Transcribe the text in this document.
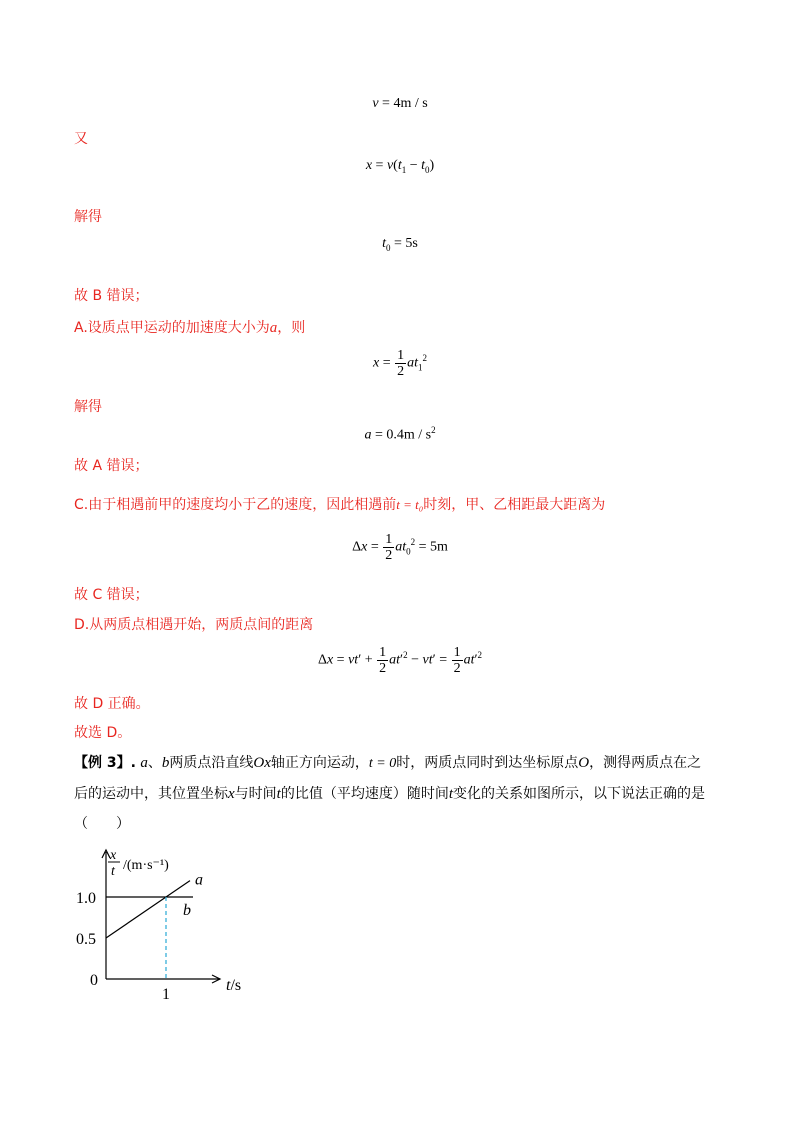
v = 4m / s
又
$x = v(t_1 - t_0)$
解得
$t_0 = 5s$
故 B 错误；
A.设质点甲运动的加速度大小为a，则
$x = \frac{1}{2} at_1^2$
解得
$a = 0.4m / s^2$
故 A 错误；
C.由于相遇前甲的速度均小于乙的速度，因此相遇前t = t₀时刻，甲、乙相距最大距离为
$\Delta x = \frac{1}{2} at_0^2 = 5m$
故 C 错误；
D.从两质点相遇开始，两质点间的距离
$\Delta x = vt' + \frac{1}{2} at'^2 - vt' = \frac{1}{2} at'^2$
故 D 正确。
故选 D。
【例 3】. a、b两质点沿直线Ox轴正方向运动，t = 0时，两质点同时到达坐标原点O，测得两质点在之
后的运动中，其位置坐标x与时间t的比值（平均速度）随时间t变化的关系如图所示，以下说法正确的是
（　　）
x
t /(m·s⁻¹)
t/s
1.0
0.5
0
1
a
b
